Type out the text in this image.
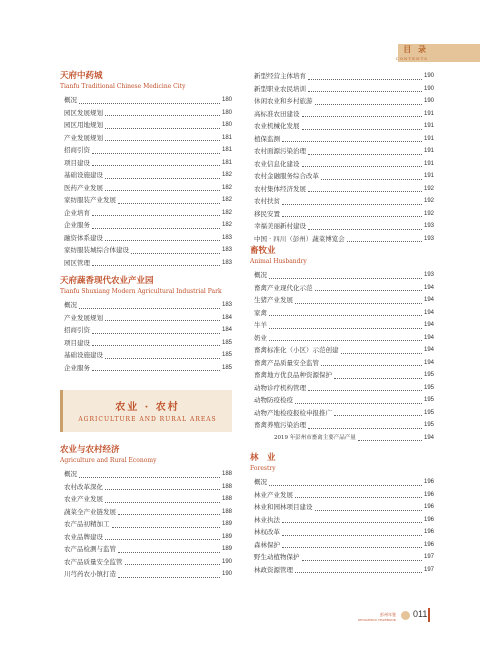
目 录
CONTENTS
天府中药城
Tianfu Traditional Chinese Medicine City
概况	180
园区发展规划	180
园区用地规划	180
产业发展规划	181
招商引资	181
项目建设	181
基础设施建设	182
医药产业发展	182
家纺服装产业发展	182
企业培育	182
企业服务	182
融资体系建设	183
家纺服装城综合体建设	183
园区管理	183
天府蔬香现代农业产业园
Tianfu Shuxiang Modern Agricultural Industrial Park
概况	183
产业发展规划	184
招商引资	184
项目建设	185
基础设施建设	185
企业服务	185
农业 · 农村
AGRICULTURE AND RURAL AREAS
农业与农村经济
Agriculture and Rural Economy
概况	188
农村改革深化	188
农业产业发展	188
蔬菜全产业链发展	188
农产品初精加工	189
农业品牌建设	189
农产品检测与监管	189
农产品质量安全监管	190
川芎药农小镇打造	190
新型经营主体培育	190
新型职业农民培训	190
休闲农业和乡村旅游	190
高标准农田建设	191
农业机械化发展	191
植保监测	191
农村面源污染治理	191
农业信息化建设	191
农村金融服务综合改革	191
农村集体经济发展	192
农村扶贫	192
移民安置	192
幸福美丽新村建设	193
中国 · 四川（彭州）蔬菜博览会	193
畜牧业
Animal Husbandry
概况	193
畜禽产业现代化示范	194
生猪产业发展	194
家禽	194
牛羊	194
奶业	194
畜禽标准化（小区）示范创建	194
畜禽产品质量安全监管	194
畜禽地方优良品种资源保护	195
动物诊疗机构管理	195
动物防疫检疫	195
动物产地检疫报检申报推广	195
畜禽养殖污染治理	195
2019 年彭州市畜禽主要产品产量	194
林　业
Forestry
概况	196
林业产业发展	196
林业和园林项目建设	196
林业执法	196
林权改革	196
森林保护	196
野生动植物保护	197
林政资源管理	197
彭州年鉴
PENGZHOU YEARBOOK
011
